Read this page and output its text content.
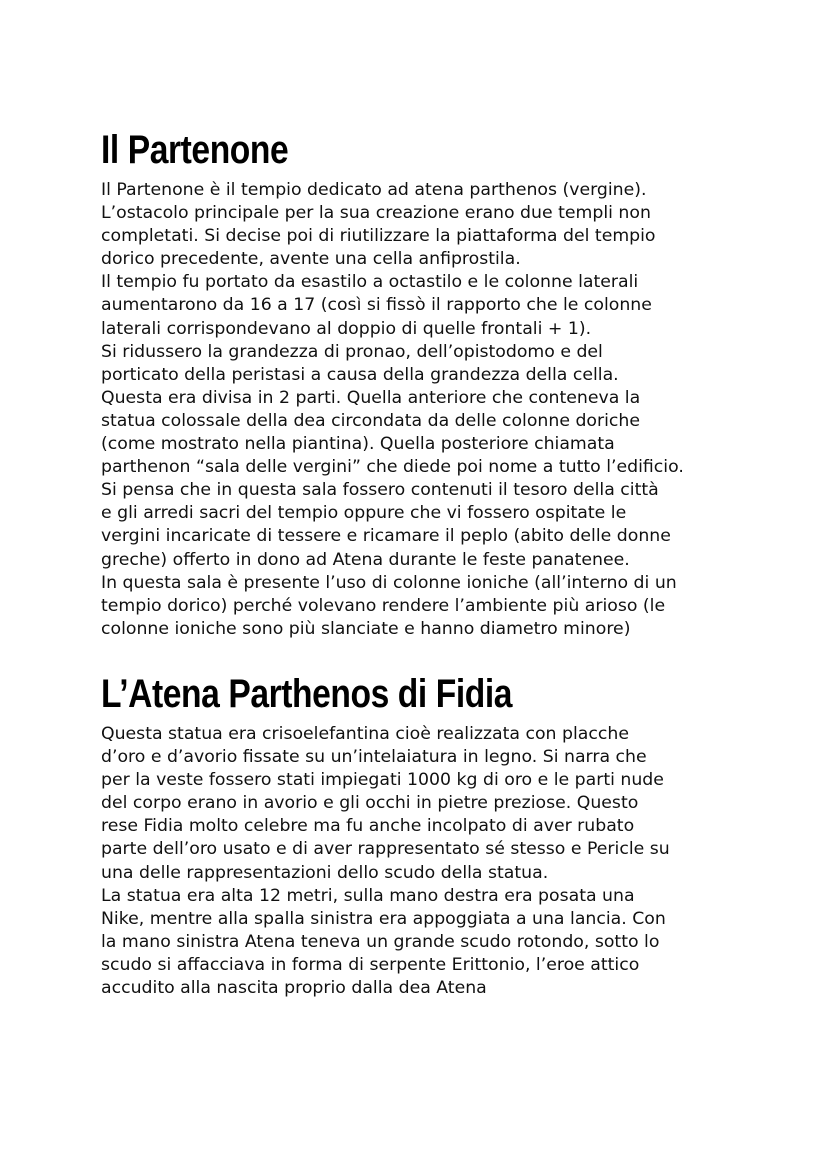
Il Partenone
Il Partenone è il tempio dedicato ad atena parthenos (vergine).
L’ostacolo principale per la sua creazione erano due templi non
completati. Si decise poi di riutilizzare la piattaforma del tempio
dorico precedente, avente una cella anfiprostila.
Il tempio fu portato da esastilo a octastilo e le colonne laterali
aumentarono da 16 a 17 (così si fissò il rapporto che le colonne
laterali corrispondevano al doppio di quelle frontali + 1).
Si ridussero la grandezza di pronao, dell’opistodomo e del
porticato della peristasi a causa della grandezza della cella.
Questa era divisa in 2 parti. Quella anteriore che conteneva la
statua colossale della dea circondata da delle colonne doriche
(come mostrato nella piantina). Quella posteriore chiamata
parthenon “sala delle vergini” che diede poi nome a tutto l’edificio.
Si pensa che in questa sala fossero contenuti il tesoro della città
e gli arredi sacri del tempio oppure che vi fossero ospitate le
vergini incaricate di tessere e ricamare il peplo (abito delle donne
greche) offerto in dono ad Atena durante le feste panatenee.
In questa sala è presente l’uso di colonne ioniche (all’interno di un
tempio dorico) perché volevano rendere l’ambiente più arioso (le
colonne ioniche sono più slanciate e hanno diametro minore)
L’Atena Parthenos di Fidia
Questa statua era crisoelefantina cioè realizzata con placche
d’oro e d’avorio fissate su un’intelaiatura in legno. Si narra che
per la veste fossero stati impiegati 1000 kg di oro e le parti nude
del corpo erano in avorio e gli occhi in pietre preziose. Questo
rese Fidia molto celebre ma fu anche incolpato di aver rubato
parte dell’oro usato e di aver rappresentato sé stesso e Pericle su
una delle rappresentazioni dello scudo della statua.
La statua era alta 12 metri, sulla mano destra era posata una
Nike, mentre alla spalla sinistra era appoggiata a una lancia. Con
la mano sinistra Atena teneva un grande scudo rotondo, sotto lo
scudo si affacciava in forma di serpente Erittonio, l’eroe attico
accudito alla nascita proprio dalla dea Atena
